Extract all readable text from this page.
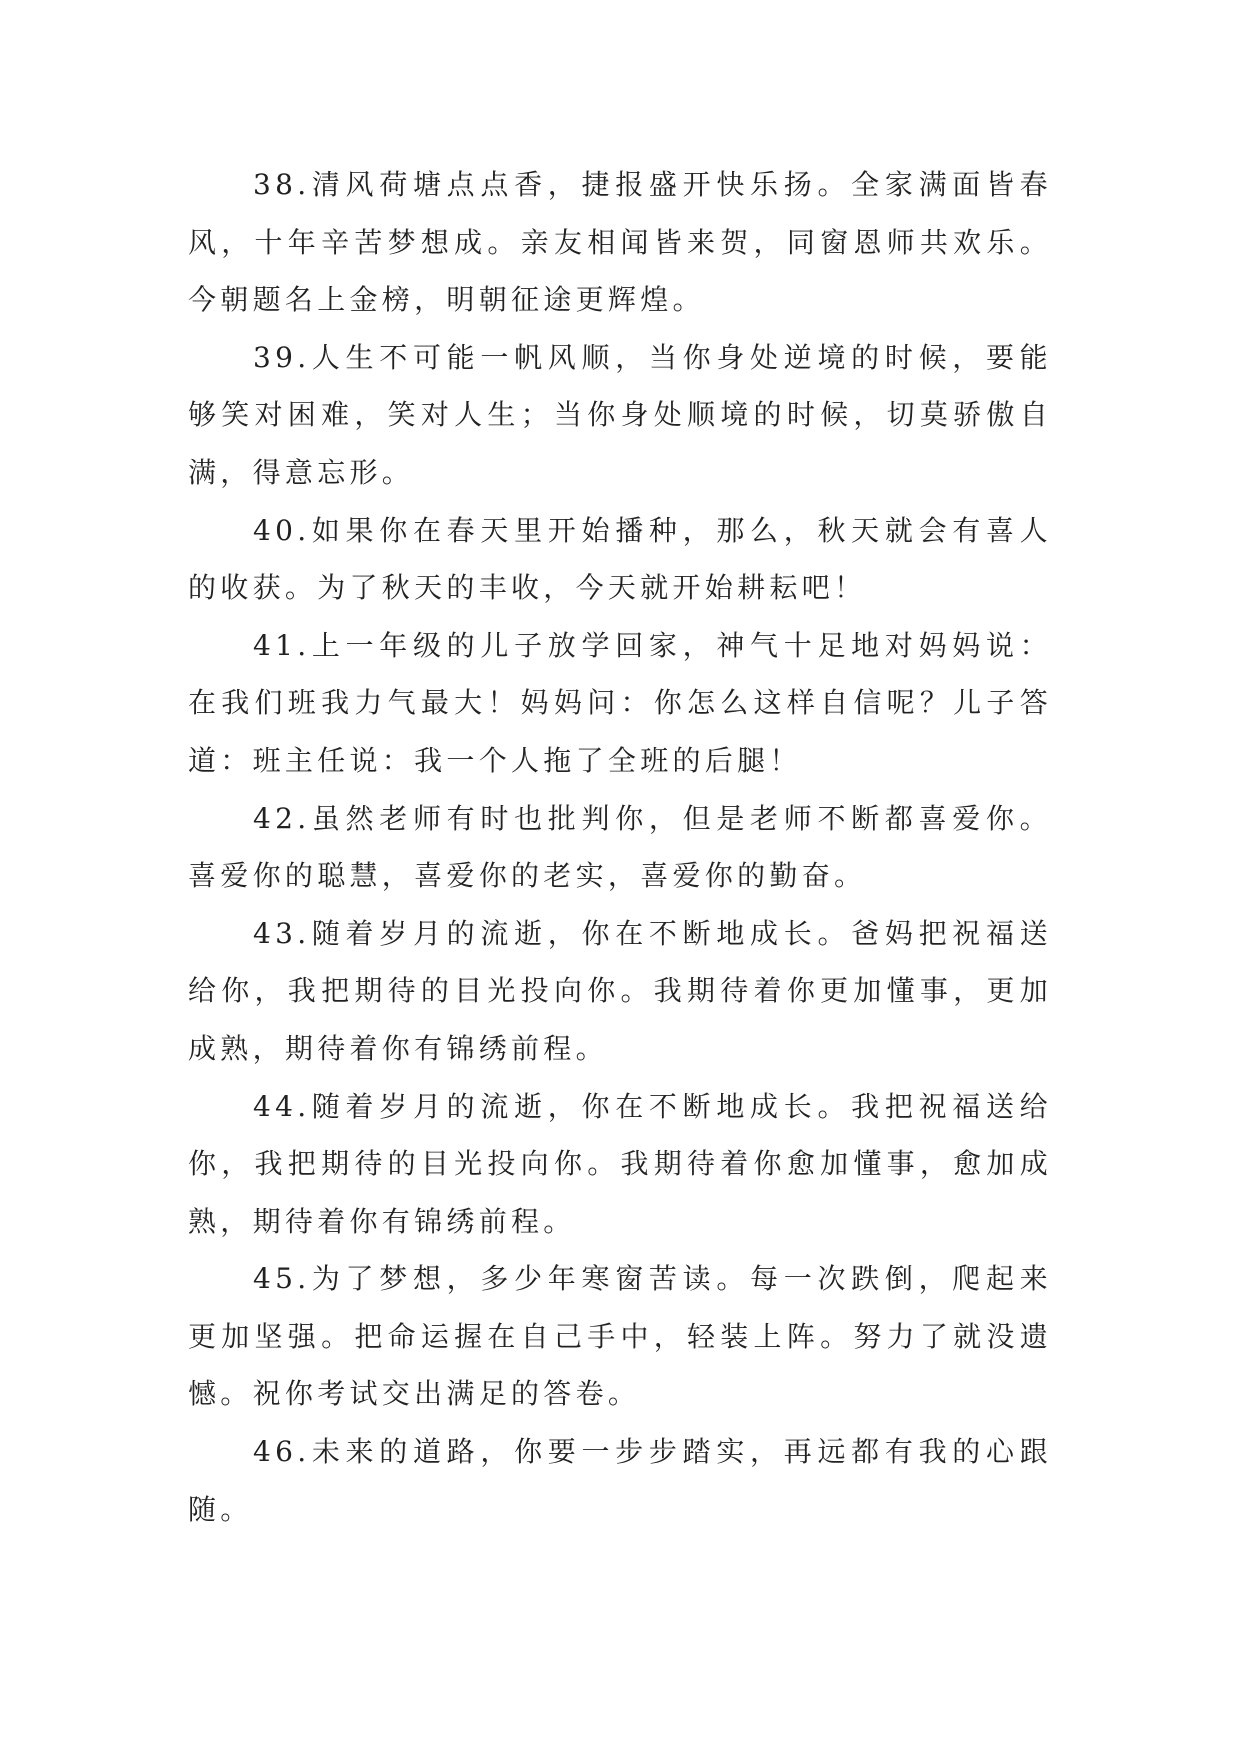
38.清风荷塘点点香，捷报盛开快乐扬。全家满面皆春风，十年辛苦梦想成。亲友相闻皆来贺，同窗恩师共欢乐。今朝题名上金榜，明朝征途更辉煌。

39.人生不可能一帆风顺，当你身处逆境的时候，要能够笑对困难，笑对人生；当你身处顺境的时候，切莫骄傲自满，得意忘形。

40.如果你在春天里开始播种，那么，秋天就会有喜人的收获。为了秋天的丰收，今天就开始耕耘吧！

41.上一年级的儿子放学回家，神气十足地对妈妈说：在我们班我力气最大！妈妈问：你怎么这样自信呢？儿子答道：班主任说：我一个人拖了全班的后腿！

42.虽然老师有时也批判你，但是老师不断都喜爱你。喜爱你的聪慧，喜爱你的老实，喜爱你的勤奋。

43.随着岁月的流逝，你在不断地成长。爸妈把祝福送给你，我把期待的目光投向你。我期待着你更加懂事，更加成熟，期待着你有锦绣前程。

44.随着岁月的流逝，你在不断地成长。我把祝福送给你，我把期待的目光投向你。我期待着你愈加懂事，愈加成熟，期待着你有锦绣前程。

45.为了梦想，多少年寒窗苦读。每一次跌倒，爬起来更加坚强。把命运握在自己手中，轻装上阵。努力了就没遗憾。祝你考试交出满足的答卷。

46.未来的道路，你要一步步踏实，再远都有我的心跟随。
